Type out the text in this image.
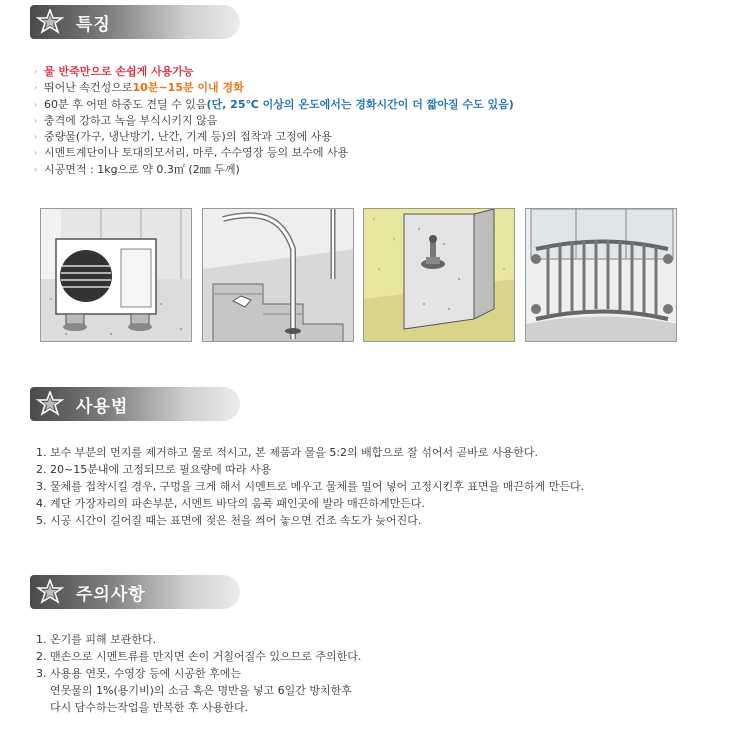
특징
› 물 반죽만으로 손쉽게 사용가능
› 뛰어난 속건성으로 10분~15분 이내 경화
› 60분 후 어떤 하중도 견딜 수 있음 (단, 25℃ 이상의 온도에서는 경화시간이 더 짧아질 수도 있음)
› 충격에 강하고 녹을 부식시키지 않음
› 중량물(가구, 냉난방기, 난간, 기계 등)의 접착과 고정에 사용
› 시멘트계단이나 토대의모서리, 마루, 수수영장 등의 보수에 사용
› 시공면적 : 1kg으로 약 0.3㎡ (2㎜ 두께)
사용법
1. 보수 부분의 먼지를 제거하고 물로 적시고, 본 제품과 물을 5:2의 배합으로 잘 섞어서 곧바로 사용한다.
2. 20~15분내에 고정되므로 필요량에 따라 사용
3. 물체를 접착시킬 경우, 구멍을 크게 해서 시멘트로 메우고 물체를 밀어 넣어 고정시킨후 표면을 매끈하게 만든다.
4. 계단 가장자리의 파손부분, 시멘트 바닥의 움푹 패인곳에 발라 매끈하게만든다.
5. 시공 시간이 길어질 때는 표면에 젖은 천을 씌어 놓으면 건조 속도가 늦어진다.
주의사항
1. 온기를 피해 보관한다.
2. 맨손으로 시멘트류를 만지면 손이 거칠어질수 있으므로 주의한다.
3. 사용용 연못, 수영장 등에 시공한 후에는
연못물의 1%(용기비)의 소금 혹은 명반을 넣고 6일간 방치한후
다시 담수하는작업을 반복한 후 사용한다.
